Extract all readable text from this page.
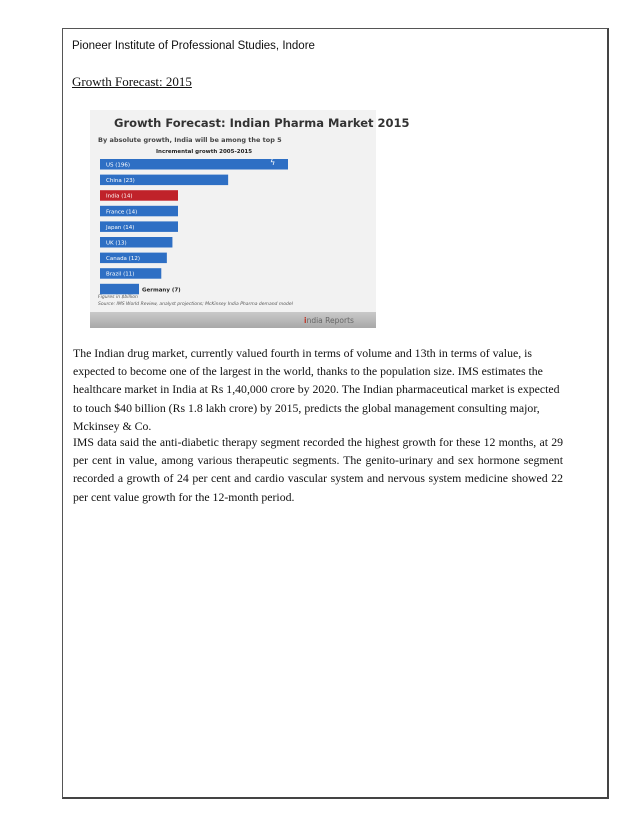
Pioneer Institute of Professional Studies, Indore
Growth Forecast: 2015
Growth Forecast: Indian Pharma Market 2015
By absolute growth, India will be among the top 5
Incremental growth 2005-2015
US (196)
China (23)
India (14)
France (14)
Japan (14)
UK (13)
Canada (12)
Brazil (11)
Germany (7)
ϟ
Figures in $billion
Source: IMS World Review, analyst projections; McKinsey India Pharma demand model
india Reports
The Indian drug market, currently valued fourth in terms of volume and 13th in terms of value, is expected to become one of the largest in the world, thanks to the population size. IMS estimates the healthcare market in India at Rs 1,40,000 crore by 2020. The Indian pharmaceutical market is expected to touch $40 billion (Rs 1.8 lakh crore) by 2015, predicts the global management consulting major, Mckinsey & Co.
IMS data said the anti-diabetic therapy segment recorded the highest growth for these 12 months, at 29 per cent in value, among various therapeutic segments. The genito-urinary and sex hormone segment recorded a growth of 24 per cent and cardio vascular system and nervous system medicine showed 22 per cent value growth for the 12-month period.
